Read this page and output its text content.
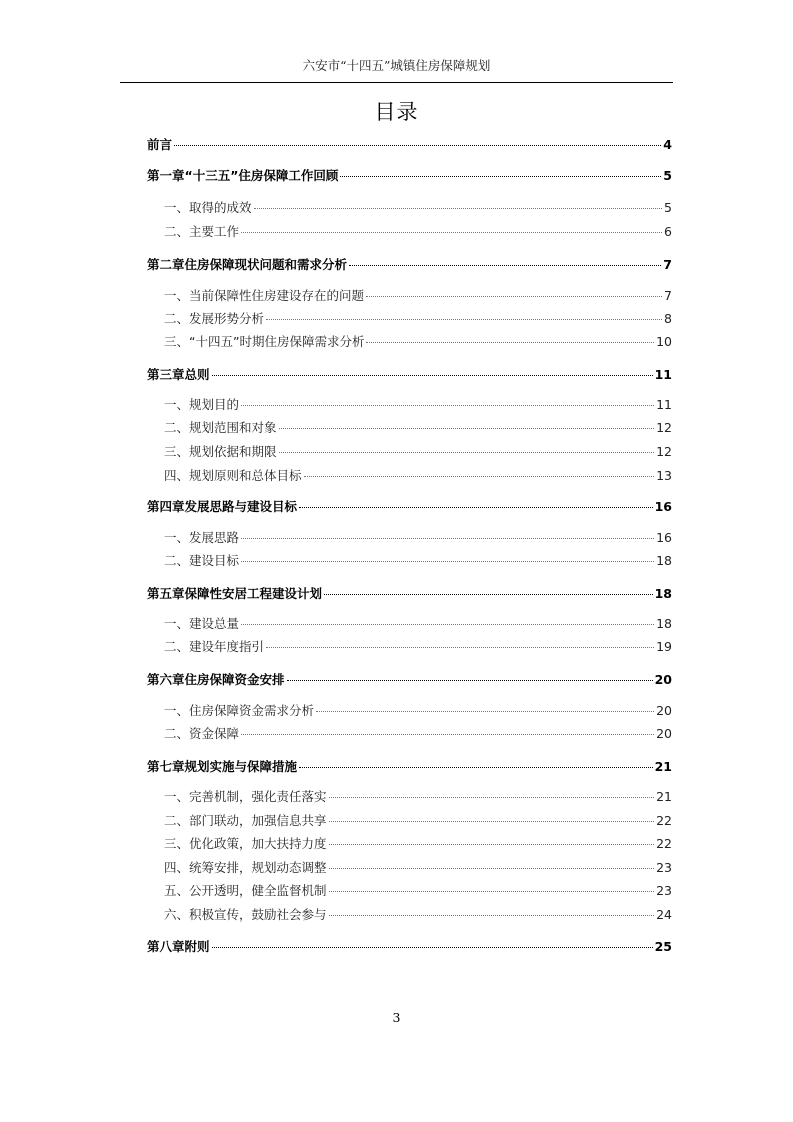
六安市“十四五”城镇住房保障规划
目录
前言	4
第一章“十三五”住房保障工作回顾	5
一、取得的成效	5
二、主要工作	6
第二章住房保障现状问题和需求分析	7
一、当前保障性住房建设存在的问题	7
二、发展形势分析	8
三、“十四五”时期住房保障需求分析	10
第三章总则	11
一、规划目的	11
二、规划范围和对象	12
三、规划依据和期限	12
四、规划原则和总体目标	13
第四章发展思路与建设目标	16
一、发展思路	16
二、建设目标	18
第五章保障性安居工程建设计划	18
一、建设总量	18
二、建设年度指引	19
第六章住房保障资金安排	20
一、住房保障资金需求分析	20
二、资金保障	20
第七章规划实施与保障措施	21
一、完善机制，强化责任落实	21
二、部门联动，加强信息共享	22
三、优化政策，加大扶持力度	22
四、统筹安排，规划动态调整	23
五、公开透明，健全监督机制	23
六、积极宣传，鼓励社会参与	24
第八章附则	25
3
